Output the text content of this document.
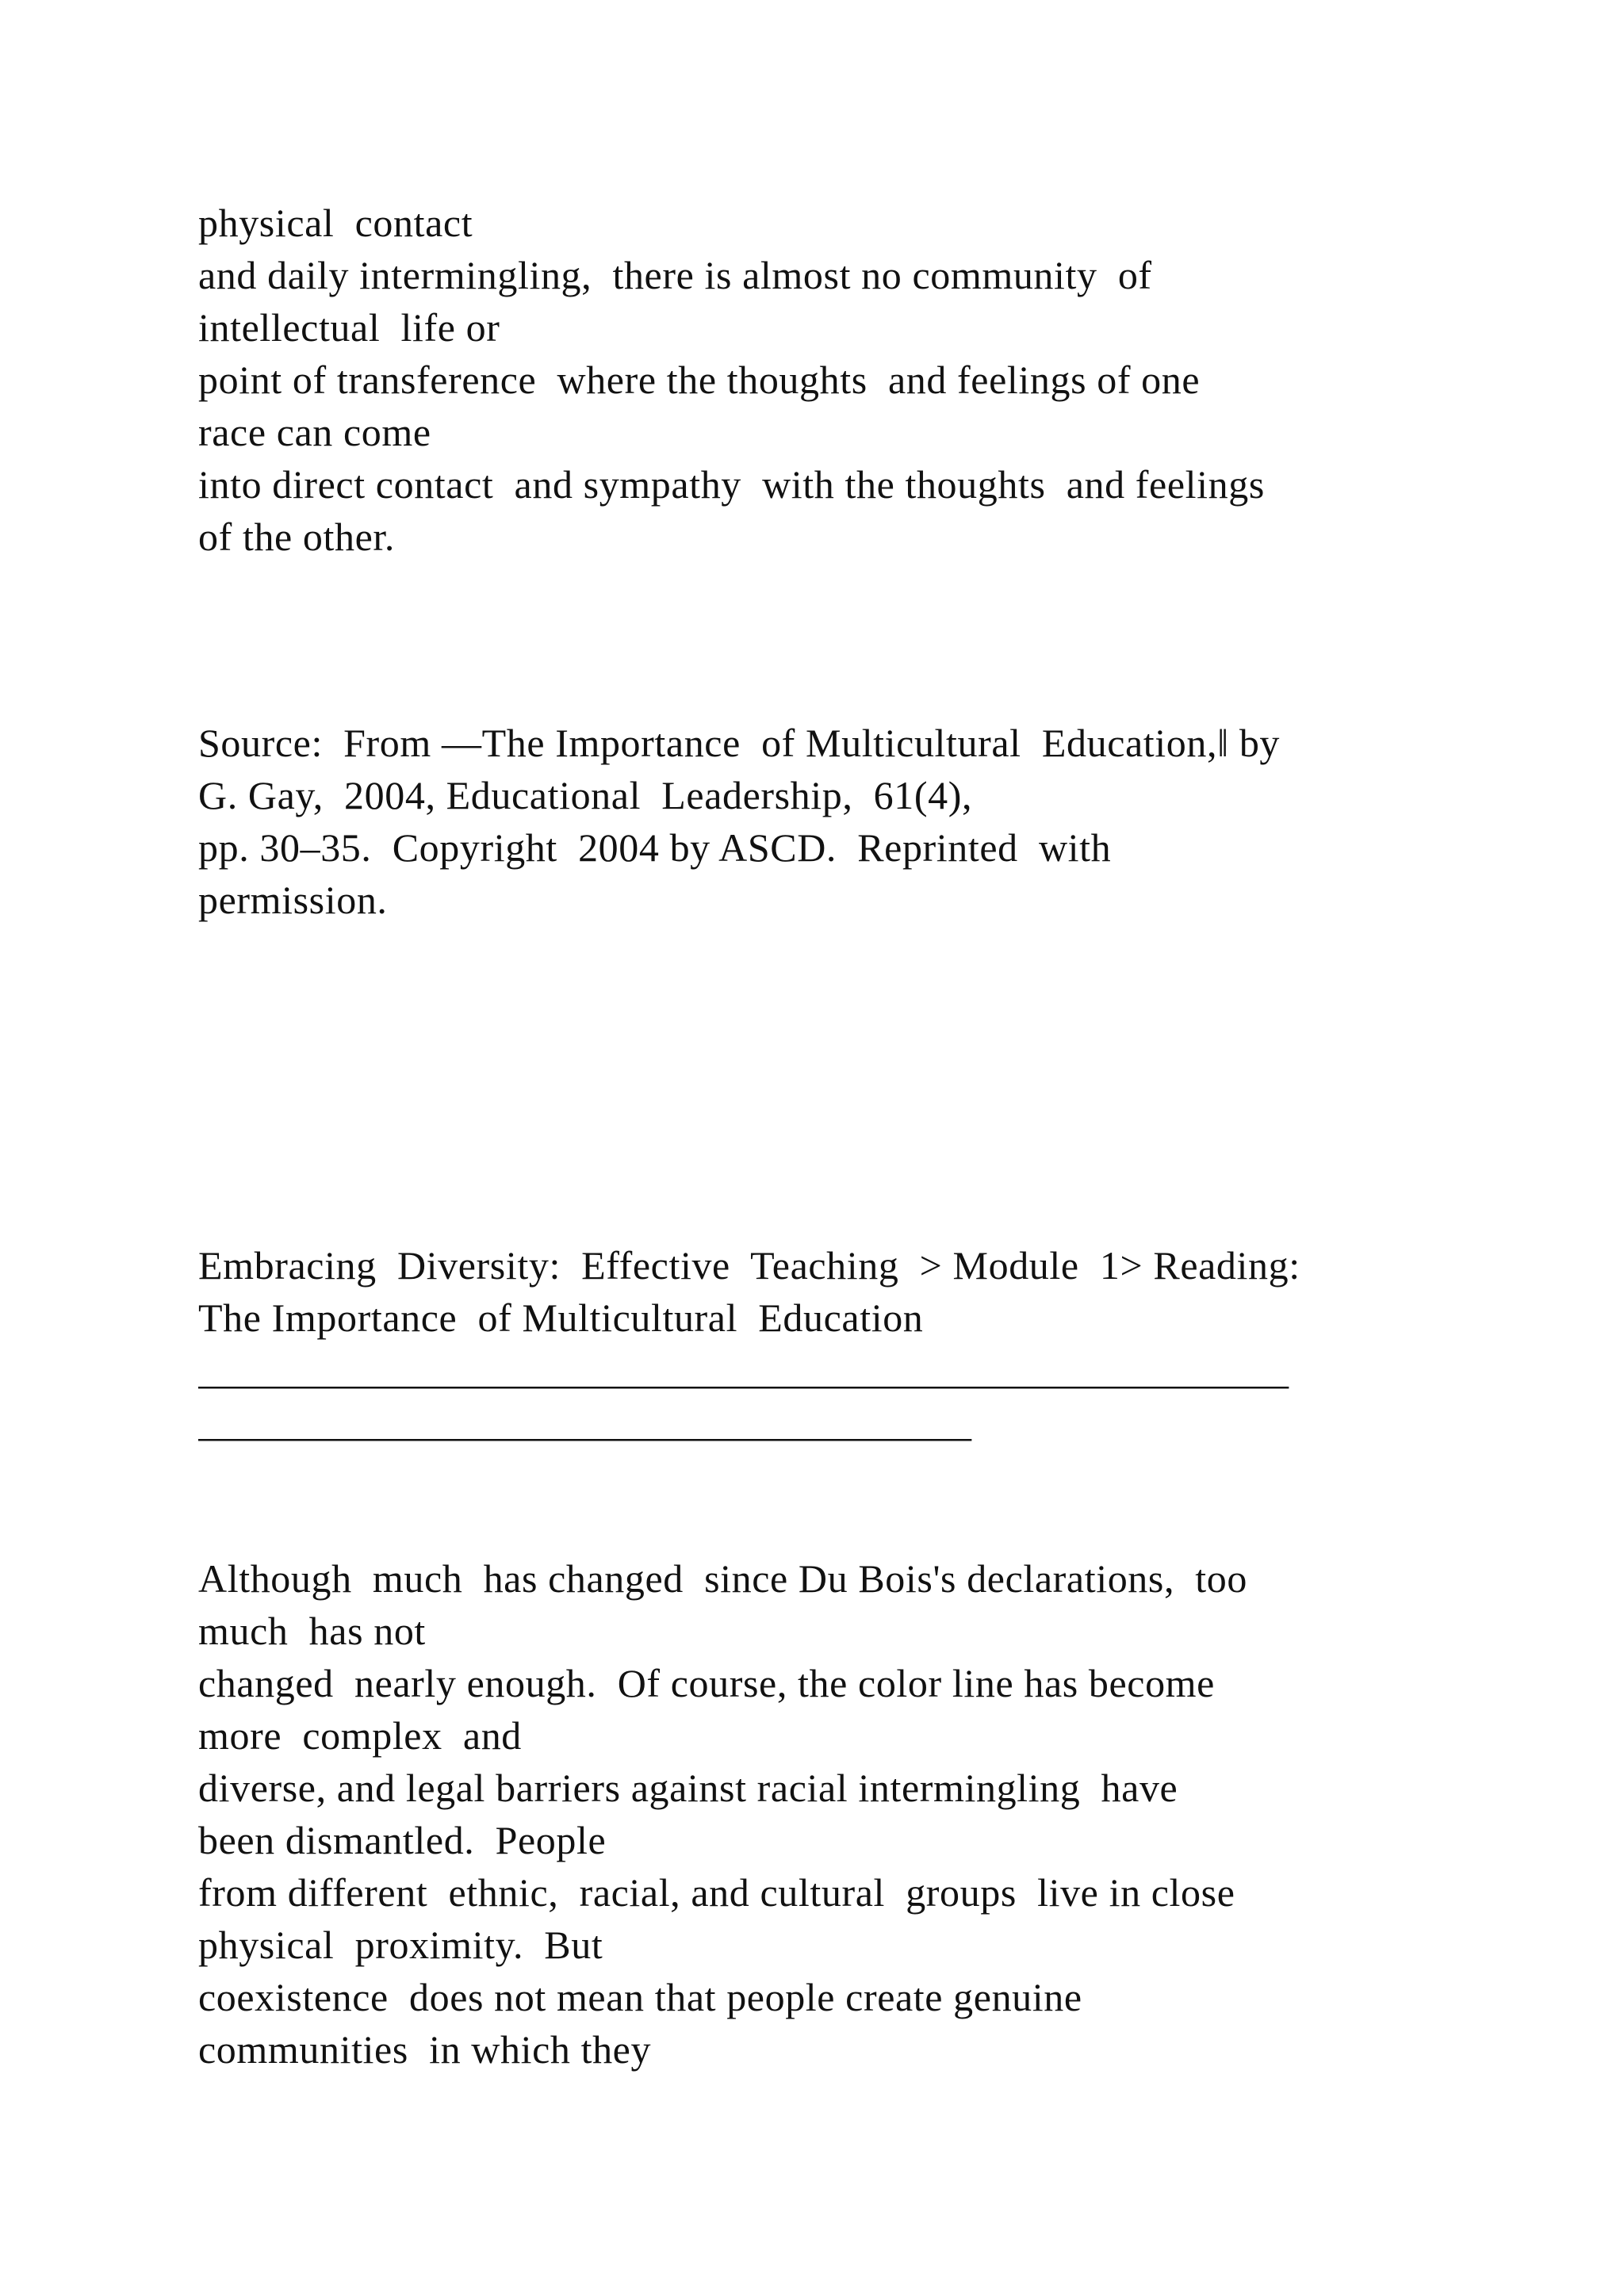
physical  contact
and daily intermingling,  there is almost no community  of
intellectual  life or
point of transference  where the thoughts  and feelings of one
race can come
into direct contact  and sympathy  with the thoughts  and feelings
of the other.
Source:  From ―The Importance  of Multicultural  Education,‖ by
G. Gay,  2004, Educational  Leadership,  61(4),
pp. 30–35.  Copyright  2004 by ASCD.  Reprinted  with
permission.
Embracing  Diversity:  Effective  Teaching  > Module  1> Reading:
The Importance  of Multicultural  Education
_______________________________________________________
_______________________________________
Although  much  has changed  since Du Bois's declarations,  too
much  has not
changed  nearly enough.  Of course, the color line has become
more  complex  and
diverse, and legal barriers against racial intermingling  have
been dismantled.  People
from different  ethnic,  racial, and cultural  groups  live in close
physical  proximity.  But
coexistence  does not mean that people create genuine
communities  in which they
